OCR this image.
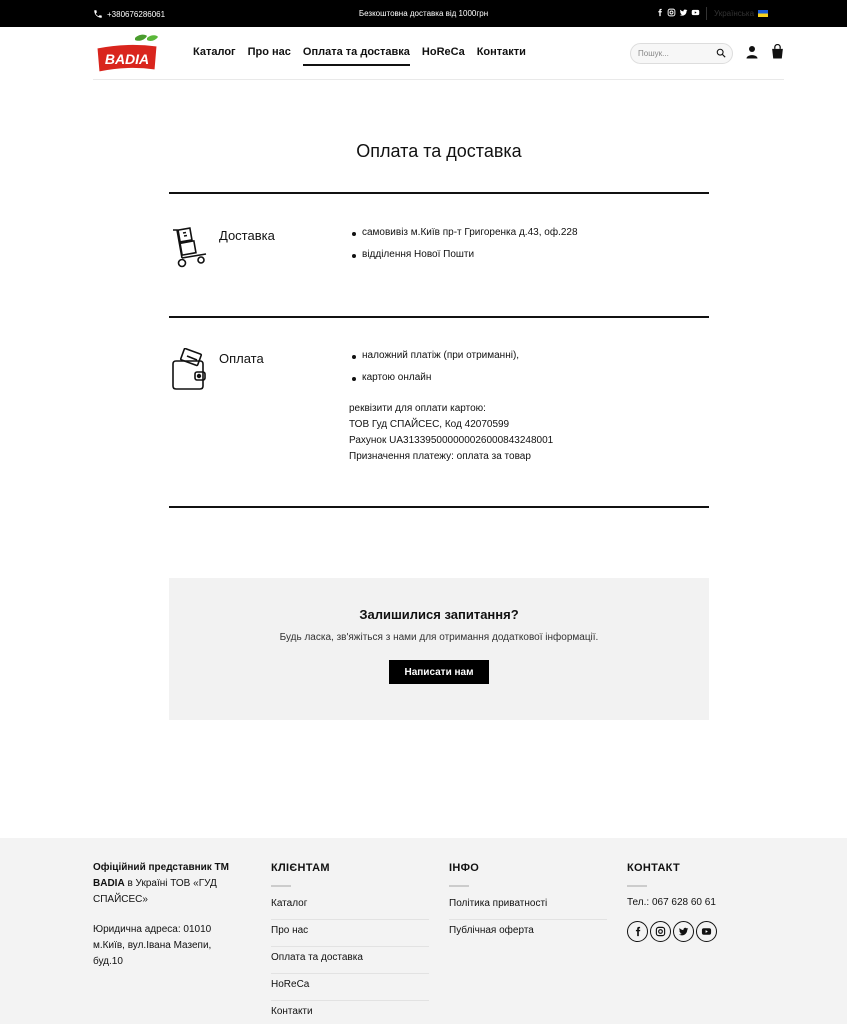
+380676286061	Безкоштовна доставка від 1000грн	Українська
BADIA	Каталог Про нас Оплата та доставка HoReCa Контакти	Пошук...
Оплата та доставка
Доставка	самовивіз м.Київ пр-т Григоренка д.43, оф.228
відділення Нової Пошти
Оплата	наложний платіж (при отриманні),
картою онлайн
реквізити для оплати картою:
ТОВ Гуд СПАЙСЕС, Код 42070599
Рахунок UA313395000000026000843248001
Призначення платежу: оплата за товар
Залишилися запитання?
Будь ласка, зв'яжіться з нами для отримання додаткової інформації.
Написати нам
Офіційний представник ТМ BADIA в Україні ТОВ «ГУД СПАЙСЕС»
Юридична адреса: 01010 м.Київ, вул.Івана Мазепи, буд.10
КЛІЄНТАМ
Каталог
Про нас
Оплата та доставка
HoReCa
Контакти
ІНФО
Політика приватності
Публічная оферта
КОНТАКТ
Тел.: 067 628 60 61
